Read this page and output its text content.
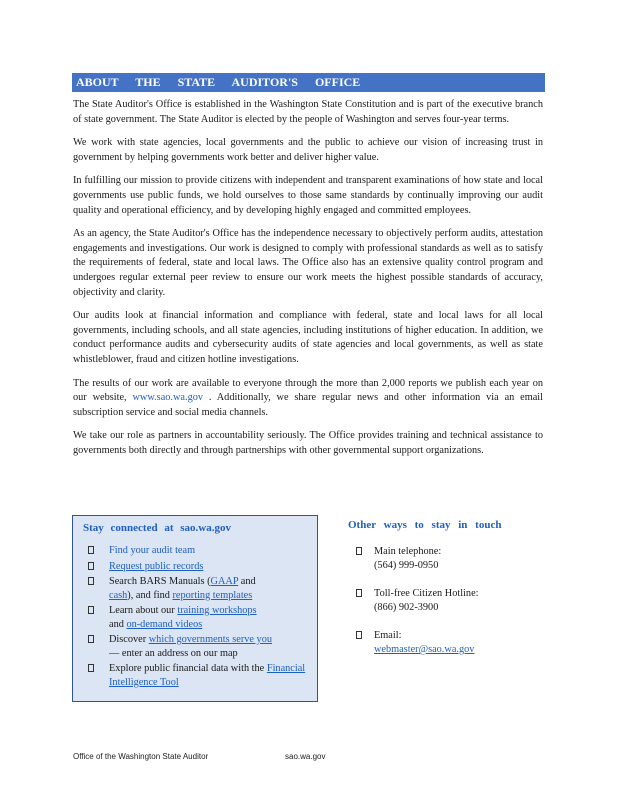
ABOUT THE STATE AUDITOR'S OFFICE

The State Auditor's Office is established in the Washington State Constitution and is part of the executive branch of state government. The State Auditor is elected by the people of Washington and serves four-year terms.

We work with state agencies, local governments and the public to achieve our vision of increasing trust in government by helping governments work better and deliver higher value.

In fulfilling our mission to provide citizens with independent and transparent examinations of how state and local governments use public funds, we hold ourselves to those same standards by continually improving our audit quality and operational efficiency, and by developing highly engaged and committed employees.

As an agency, the State Auditor's Office has the independence necessary to objectively perform audits, attestation engagements and investigations. Our work is designed to comply with professional standards as well as to satisfy the requirements of federal, state and local laws. The Office also has an extensive quality control program and undergoes regular external peer review to ensure our work meets the highest possible standards of accuracy, objectivity and clarity.

Our audits look at financial information and compliance with federal, state and local laws for all local governments, including schools, and all state agencies, including institutions of higher education. In addition, we conduct performance audits and cybersecurity audits of state agencies and local governments, as well as state whistleblower, fraud and citizen hotline investigations.

The results of our work are available to everyone through the more than 2,000 reports we publish each year on our website, www.sao.wa.gov . Additionally, we share regular news and other information via an email subscription service and social media channels.

We take our role as partners in accountability seriously. The Office provides training and technical assistance to governments both directly and through partnerships with other governmental support organizations.

Stay connected at sao.wa.gov
Find your audit team
Request public records
Search BARS Manuals (GAAP and
cash), and find reporting templates
Learn about our training workshops
and on-demand videos
Discover which governments serve you
— enter an address on our map
Explore public financial data with the Financial Intelligence Tool
Other ways to stay in touch
Main telephone:
(564) 999-0950
Toll-free Citizen Hotline:
(866) 902-3900
Email:
webmaster@sao.wa.gov
Office of the Washington State Auditor	sao.wa.gov
